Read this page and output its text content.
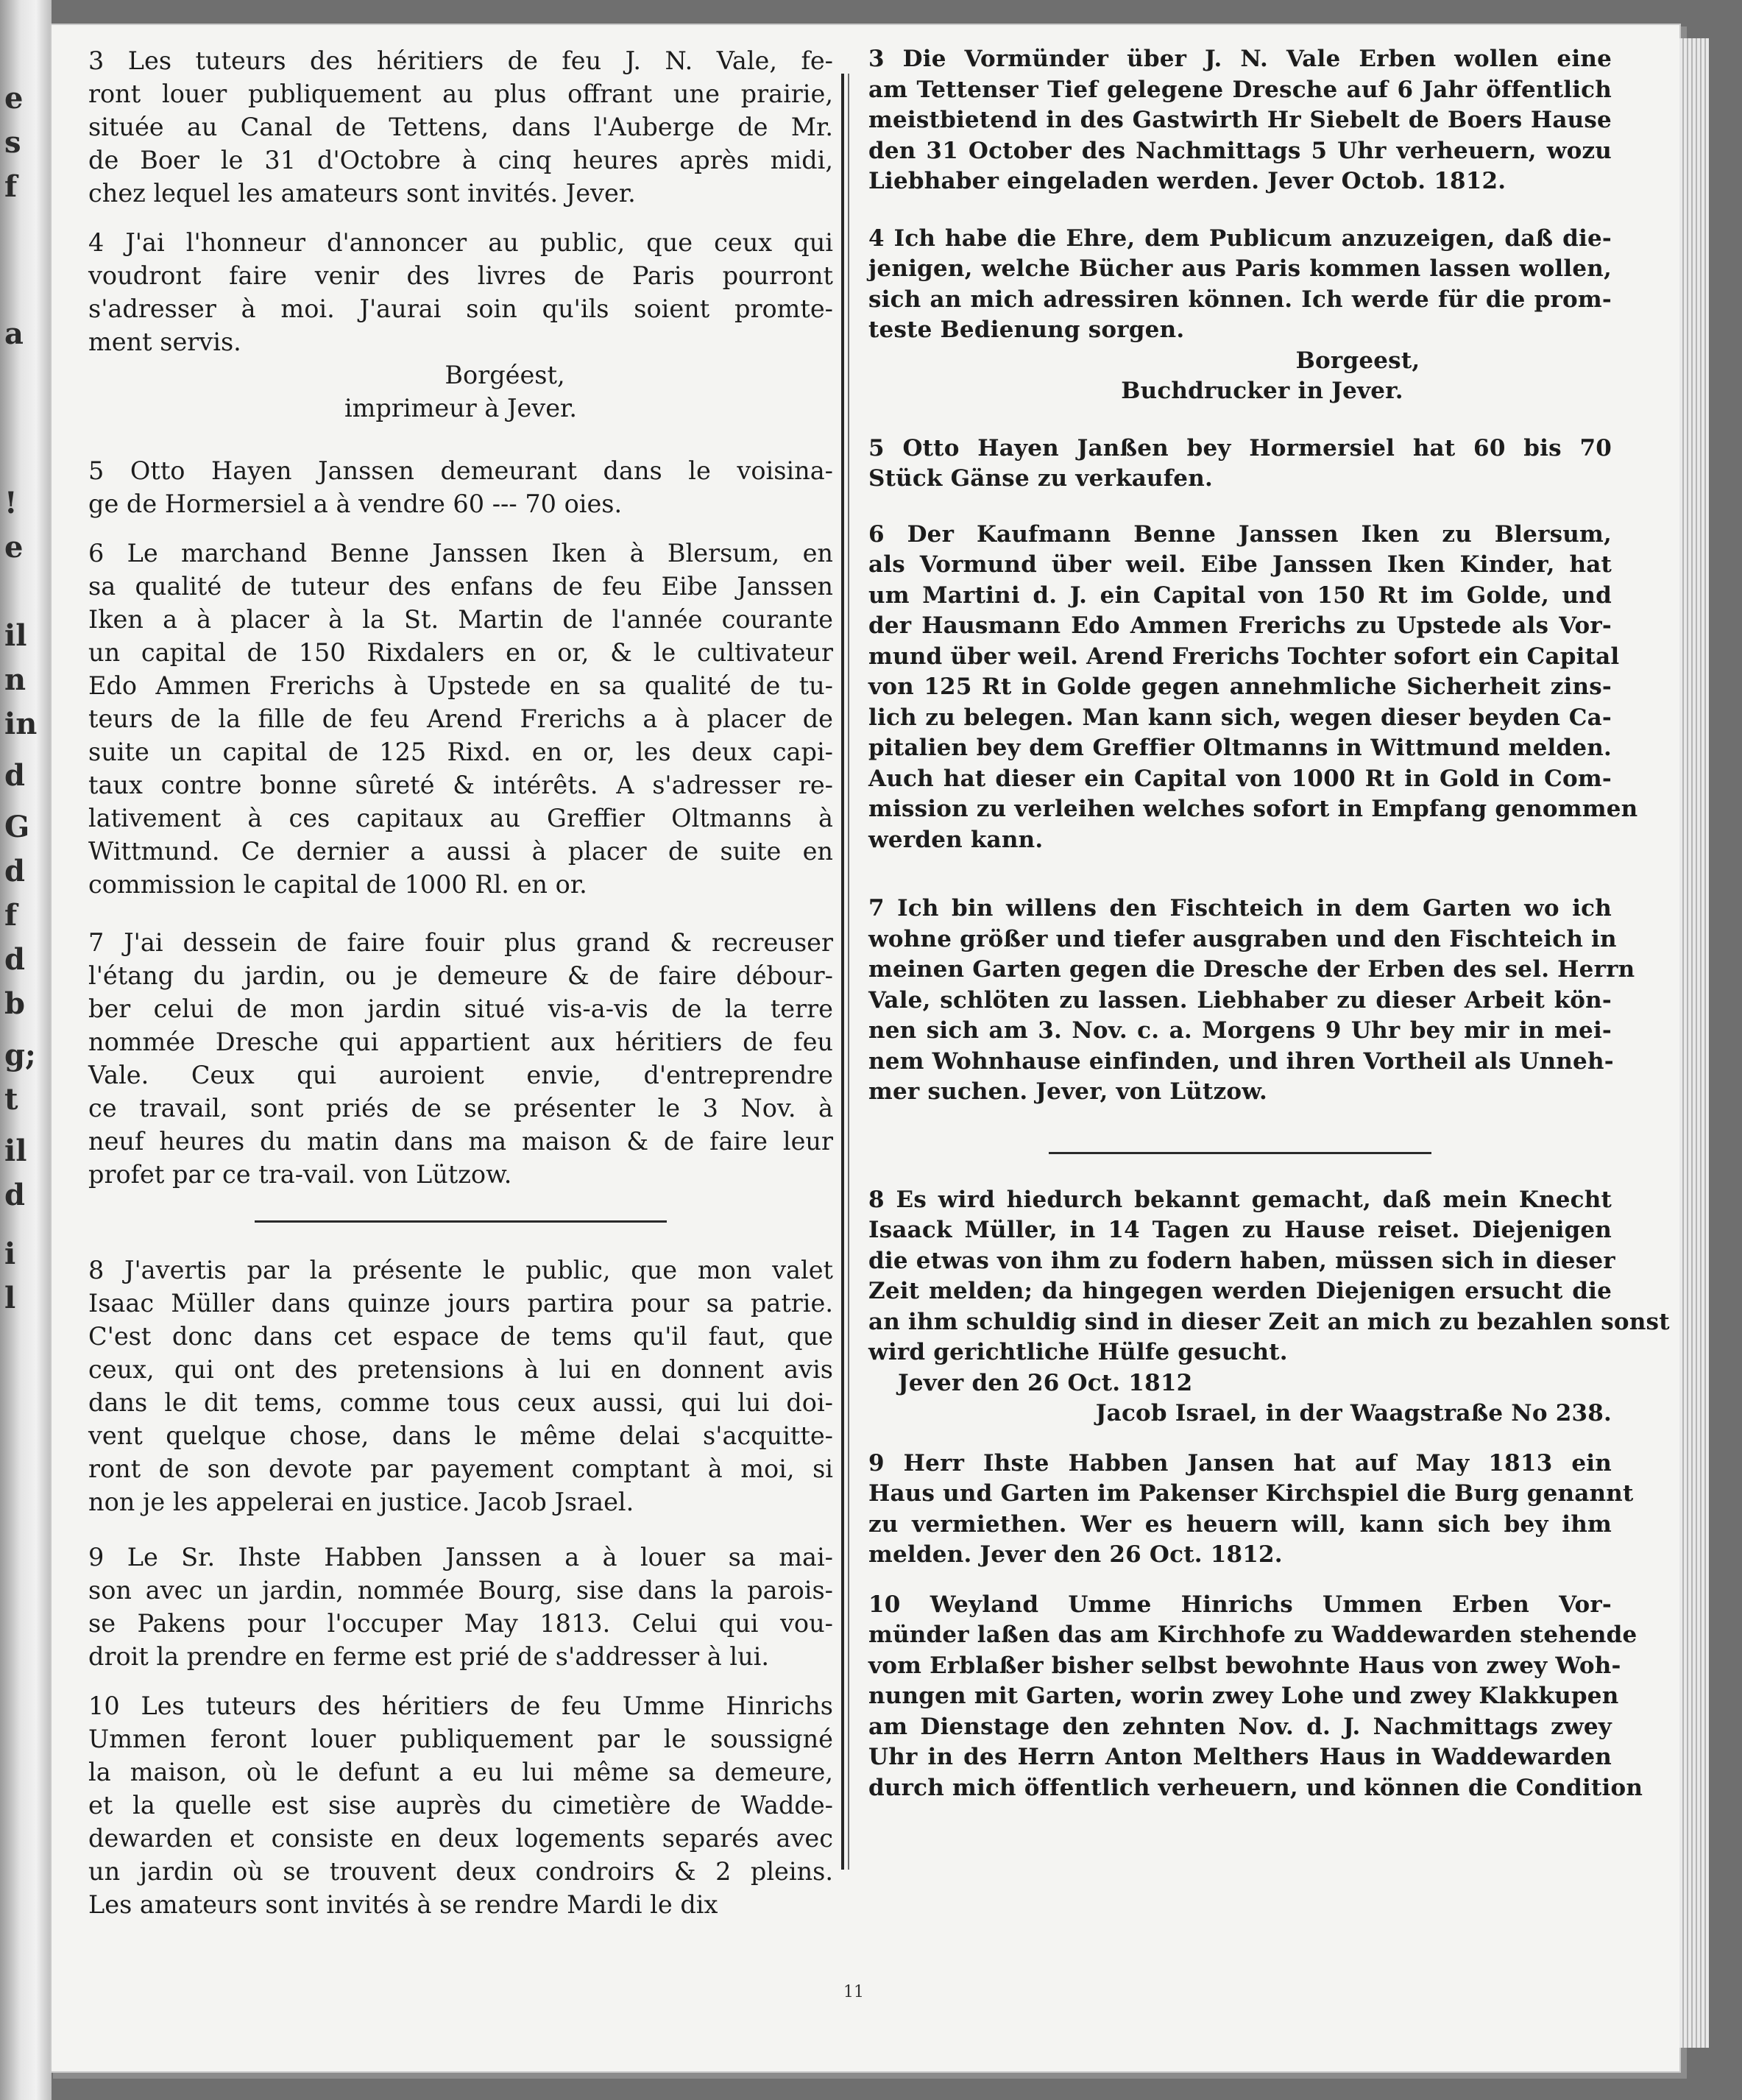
e
s
f
a
!
e
il
n
in
d
G
d
f
d
b
g;
t
il
d
i
l
3 Les tuteurs des héritiers de feu J. N. Vale, fe-
ront louer publiquement au plus offrant une prairie,
située au Canal de Tettens, dans l'Auberge de Mr.
de Boer le 31 d'Octobre à cinq heures après midi,
chez lequel les amateurs sont invités. Jever.
4 J'ai l'honneur d'annoncer au public, que ceux qui
voudront faire venir des livres de Paris pourront
s'adresser à moi. J'aurai soin qu'ils soient promte-
ment servis.
Borgéest,
imprimeur à Jever.
5 Otto Hayen Janssen demeurant dans le voisina-
ge de Hormersiel a à vendre 60 --- 70 oies.
6 Le marchand Benne Janssen Iken à Blersum, en
sa qualité de tuteur des enfans de feu Eibe Janssen
Iken a à placer à la St. Martin de l'année courante
un capital de 150 Rixdalers en or, & le cultivateur
Edo Ammen Frerichs à Upstede en sa qualité de tu-
teurs de la fille de feu Arend Frerichs a à placer de
suite un capital de 125 Rixd. en or, les deux capi-
taux contre bonne sûreté & intérêts. A s'adresser re-
lativement à ces capitaux au Greffier Oltmanns à
Wittmund. Ce dernier a aussi à placer de suite en
commission le capital de 1000 Rl. en or.
7 J'ai dessein de faire fouir plus grand & recreuser
l'étang du jardin, ou je demeure & de faire débour-
ber celui de mon jardin situé vis-a-vis de la terre
nommée Dresche qui appartient aux héritiers de feu
Vale. Ceux qui auroient envie, d'entreprendre
ce travail, sont priés de se présenter le 3 Nov. à
neuf heures du matin dans ma maison & de faire leur
profet par ce tra-vail. von Lützow.
8 J'avertis par la présente le public, que mon valet
Isaac Müller dans quinze jours partira pour sa patrie.
C'est donc dans cet espace de tems qu'il faut, que
ceux, qui ont des pretensions à lui en donnent avis
dans le dit tems, comme tous ceux aussi, qui lui doi-
vent quelque chose, dans le même delai s'acquitte-
ront de son devote par payement comptant à moi, si
non je les appelerai en justice. Jacob Jsrael.
9 Le Sr. Ihste Habben Janssen a à louer sa mai-
son avec un jardin, nommée Bourg, sise dans la parois-
se Pakens pour l'occuper May 1813. Celui qui vou-
droit la prendre en ferme est prié de s'addresser à lui.
10 Les tuteurs des héritiers de feu Umme Hinrichs
Ummen feront louer publiquement par le soussigné
la maison, où le defunt a eu lui même sa demeure,
et la quelle est sise auprès du cimetière de Wadde-
dewarden et consiste en deux logements separés avec
un jardin où se trouvent deux condroirs & 2 pleins.
Les amateurs sont invités à se rendre Mardi le dix
3 Die Vormünder über J. N. Vale Erben wollen eine
am Tettenser Tief gelegene Dresche auf 6 Jahr öffentlich
meistbietend in des Gastwirth Hr Siebelt de Boers Hause
den 31 October des Nachmittags 5 Uhr verheuern, wozu
Liebhaber eingeladen werden. Jever Octob. 1812.
4 Ich habe die Ehre, dem Publicum anzuzeigen, daß die-
jenigen, welche Bücher aus Paris kommen lassen wollen,
sich an mich adressiren können. Ich werde für die prom-
teste Bedienung sorgen.
Borgeest,
Buchdrucker in Jever.
5 Otto Hayen Janßen bey Hormersiel hat 60 bis 70
Stück Gänse zu verkaufen.
6 Der Kaufmann Benne Janssen Iken zu Blersum,
als Vormund über weil. Eibe Janssen Iken Kinder, hat
um Martini d. J. ein Capital von 150 Rt im Golde, und
der Hausmann Edo Ammen Frerichs zu Upstede als Vor-
mund über weil. Arend Frerichs Tochter sofort ein Capital
von 125 Rt in Golde gegen annehmliche Sicherheit zins-
lich zu belegen. Man kann sich, wegen dieser beyden Ca-
pitalien bey dem Greffier Oltmanns in Wittmund melden.
Auch hat dieser ein Capital von 1000 Rt in Gold in Com-
mission zu verleihen welches sofort in Empfang genommen
werden kann.
7 Ich bin willens den Fischteich in dem Garten wo ich
wohne größer und tiefer ausgraben und den Fischteich in
meinen Garten gegen die Dresche der Erben des sel. Herrn
Vale, schlöten zu lassen. Liebhaber zu dieser Arbeit kön-
nen sich am 3. Nov. c. a. Morgens 9 Uhr bey mir in mei-
nem Wohnhause einfinden, und ihren Vortheil als Unneh-
mer suchen. Jever, von Lützow.
8 Es wird hiedurch bekannt gemacht, daß mein Knecht
Isaack Müller, in 14 Tagen zu Hause reiset. Diejenigen
die etwas von ihm zu fodern haben, müssen sich in dieser
Zeit melden; da hingegen werden Diejenigen ersucht die
an ihm schuldig sind in dieser Zeit an mich zu bezahlen sonst
wird gerichtliche Hülfe gesucht.
Jever den 26 Oct. 1812
Jacob Israel, in der Waagstraße No 238.
9 Herr Ihste Habben Jansen hat auf May 1813 ein
Haus und Garten im Pakenser Kirchspiel die Burg genannt
zu vermiethen. Wer es heuern will, kann sich bey ihm
melden. Jever den 26 Oct. 1812.
10 Weyland Umme Hinrichs Ummen Erben Vor-
münder laßen das am Kirchhofe zu Waddewarden stehende
vom Erblaßer bisher selbst bewohnte Haus von zwey Woh-
nungen mit Garten, worin zwey Lohe und zwey Klakkupen
am Dienstage den zehnten Nov. d. J. Nachmittags zwey
Uhr in des Herrn Anton Melthers Haus in Waddewarden
durch mich öffentlich verheuern, und können die Condition
11
